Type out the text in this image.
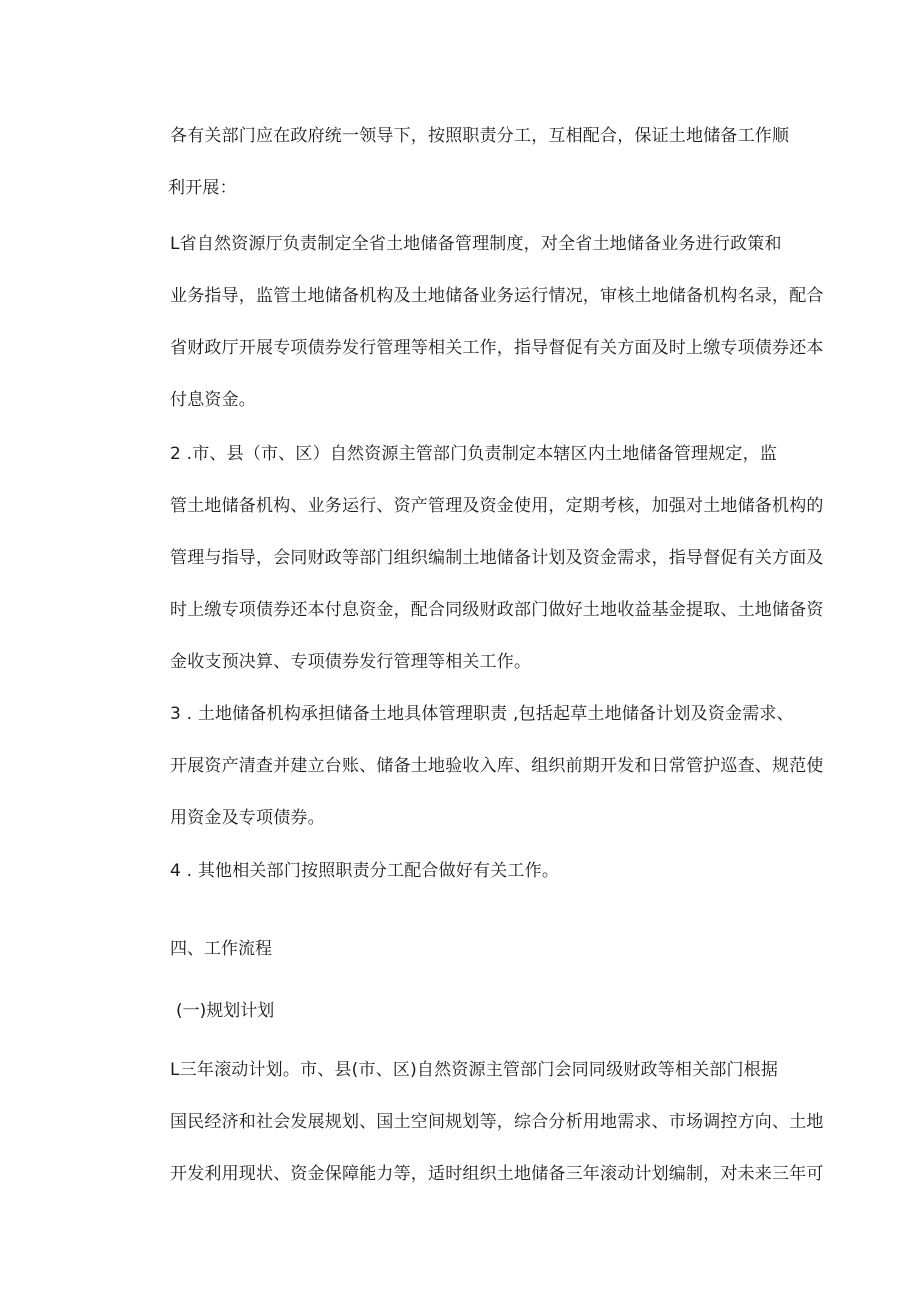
各有关部门应在政府统一领导下，按照职责分工，互相配合，保证土地储备工作顺
利开展：

L省自然资源厅负责制定全省土地储备管理制度，对全省土地储备业务进行政策和
业务指导，监管土地储备机构及土地储备业务运行情况，审核土地储备机构名录，配合
省财政厅开展专项债券发行管理等相关工作，指导督促有关方面及时上缴专项债券还本
付息资金。

2 .市、县（市、区）自然资源主管部门负责制定本辖区内土地储备管理规定，监
管土地储备机构、业务运行、资产管理及资金使用，定期考核，加强对土地储备机构的
管理与指导，会同财政等部门组织编制土地储备计划及资金需求，指导督促有关方面及
时上缴专项债券还本付息资金，配合同级财政部门做好土地收益基金提取、土地储备资
金收支预决算、专项债券发行管理等相关工作。

3 . 土地储备机构承担储备土地具体管理职责 ,包括起草土地储备计划及资金需求、
开展资产清查并建立台账、储备土地验收入库、组织前期开发和日常管护巡查、规范使
用资金及专项债券。

4 . 其他相关部门按照职责分工配合做好有关工作。

四、工作流程

(一)规划计划

L三年滚动计划。市、县(市、区)自然资源主管部门会同同级财政等相关部门根据
国民经济和社会发展规划、国土空间规划等，综合分析用地需求、市场调控方向、土地
开发利用现状、资金保障能力等，适时组织土地储备三年滚动计划编制，对未来三年可
